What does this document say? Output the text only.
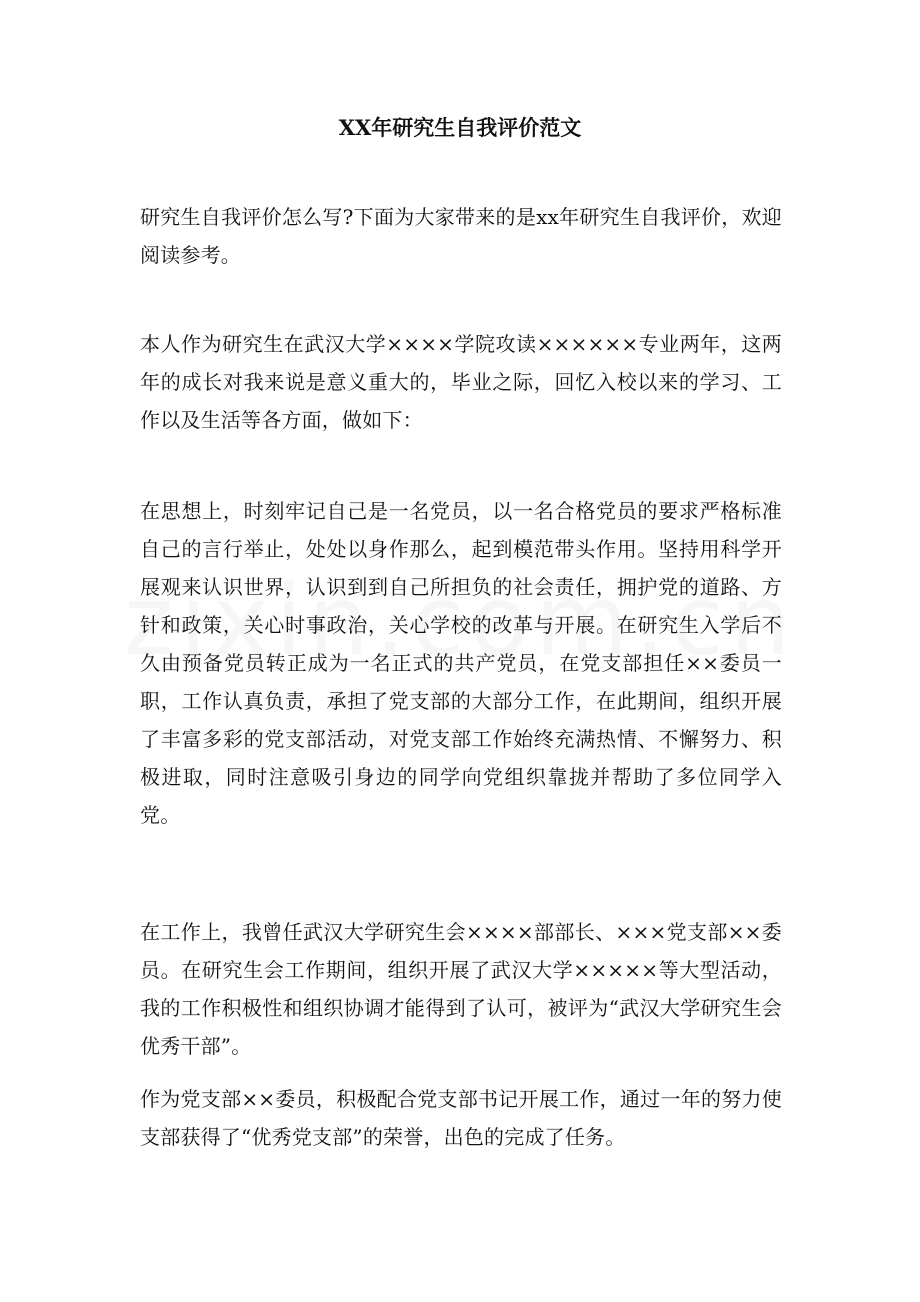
XX年研究生自我评价范文

研究生自我评价怎么写?下面为大家带来的是xx年研究生自我评价，欢迎阅读参考。

本人作为研究生在武汉大学××××学院攻读××××××专业两年，这两年的成长对我来说是意义重大的，毕业之际，回忆入校以来的学习、工作以及生活等各方面，做如下：

在思想上，时刻牢记自己是一名党员，以一名合格党员的要求严格标准自己的言行举止，处处以身作那么，起到模范带头作用。坚持用科学开展观来认识世界，认识到到自己所担负的社会责任，拥护党的道路、方针和政策，关心时事政治，关心学校的改革与开展。在研究生入学后不久由预备党员转正成为一名正式的共产党员，在党支部担任××委员一职，工作认真负责，承担了党支部的大部分工作，在此期间，组织开展了丰富多彩的党支部活动，对党支部工作始终充满热情、不懈努力、积极进取，同时注意吸引身边的同学向党组织靠拢并帮助了多位同学入党。

在工作上，我曾任武汉大学研究生会××××部部长、×××党支部××委员。在研究生会工作期间，组织开展了武汉大学×××××等大型活动，我的工作积极性和组织协调才能得到了认可，被评为“武汉大学研究生会优秀干部”。

作为党支部××委员，积极配合党支部书记开展工作，通过一年的努力使支部获得了“优秀党支部”的荣誉，出色的完成了任务。
